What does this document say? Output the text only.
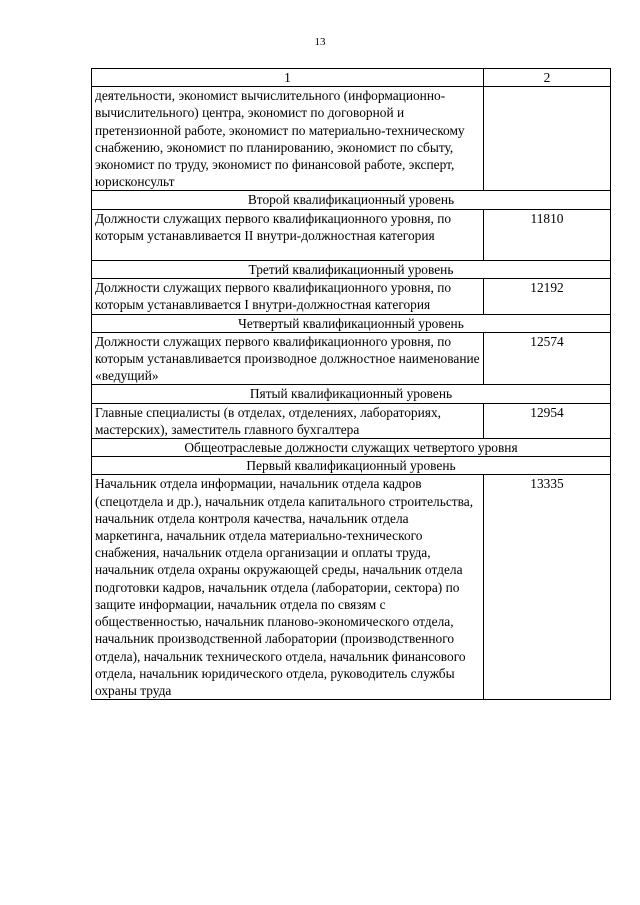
13
1	2
деятельности, экономист вычислительного (информационно-вычислительного) центра, экономист по договорной и претензионной работе, экономист по материально-техническому снабжению, экономист по планированию, экономист по сбыту, экономист по труду, экономист по финансовой работе, эксперт, юрисконсульт	
Второй квалификационный уровень	
Должности служащих первого квалификационного уровня, по которым устанавливается II внутри-должностная категория	11810
Третий квалификационный уровень	
Должности служащих первого квалификационного уровня, по которым устанавливается I внутри-должностная категория	12192
Четвертый квалификационный уровень	
Должности служащих первого квалификационного уровня, по которым устанавливается производное должностное наименование «ведущий»	12574
Пятый квалификационный уровень	
Главные специалисты (в отделах, отделениях, лабораториях, мастерских), заместитель главного бухгалтера	12954
Общеотраслевые должности служащих четвертого уровня	
Первый квалификационный уровень	
Начальник отдела информации, начальник отдела кадров (спецотдела и др.), начальник отдела капитального строительства, начальник отдела контроля качества, начальник отдела маркетинга, начальник отдела материально-технического снабжения, начальник отдела организации и оплаты труда, начальник отдела охраны окружающей среды, начальник отдела подготовки кадров, начальник отдела (лаборатории, сектора) по защите информации, начальник отдела по связям с общественностью, начальник планово-экономического отдела, начальник производственной лаборатории (производственного отдела), начальник технического отдела, начальник финансового отдела, начальник юридического отдела, руководитель службы охраны труда	13335
